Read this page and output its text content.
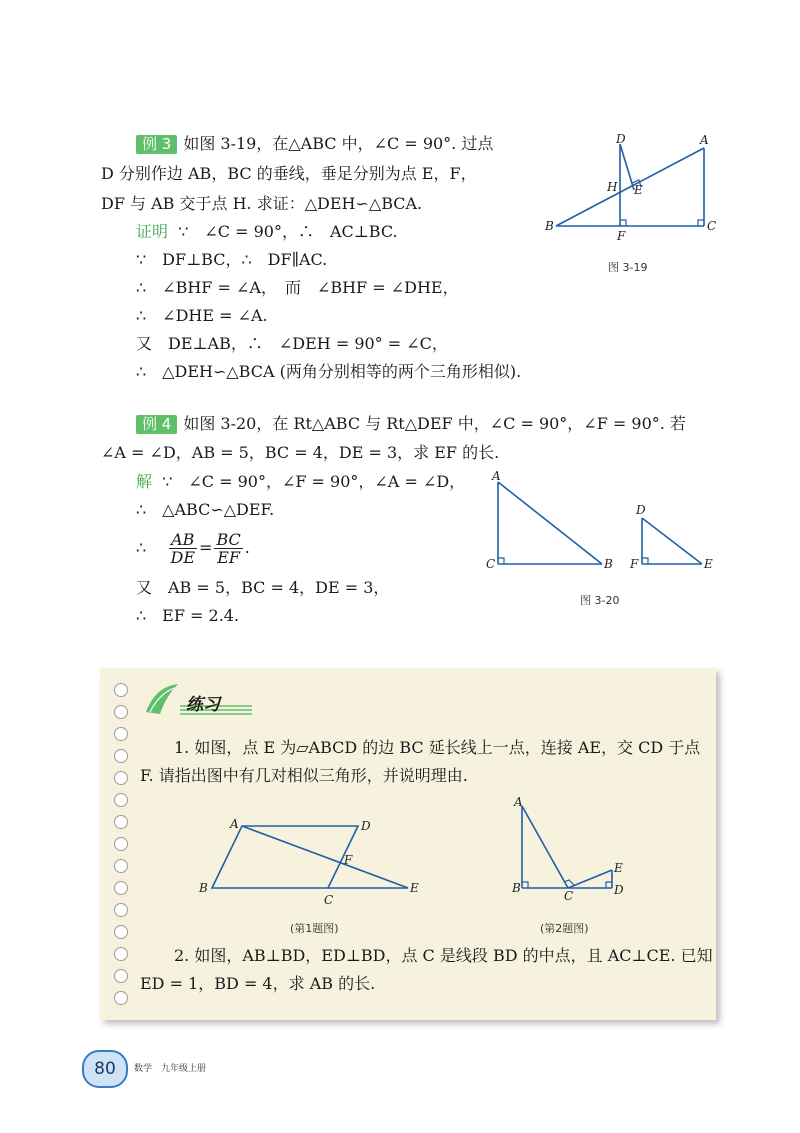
例 3 如图 3-19，在△ABC 中，∠C = 90°. 过点
D 分别作边 AB，BC 的垂线，垂足分别为点 E，F，
DF 与 AB 交于点 H. 求证：△DEH∽△BCA.
证明 ∵　∠C = 90°，∴　AC⊥BC.
∵　DF⊥BC，∴　DF∥AC.
∴　∠BHF = ∠A，　而　∠BHF = ∠DHE，
∴　∠DHE = ∠A.
又　DE⊥AB，∴　∠DEH = 90° = ∠C，
∴　△DEH∽△BCA (两角分别相等的两个三角形相似).
D	A
H E
B
F
C
图 3-19
例 4 如图 3-20，在 Rt△ABC 与 Rt△DEF 中，∠C = 90°，∠F = 90°. 若
∠A = ∠D，AB = 5，BC = 4，DE = 3，求 EF 的长.
解 ∵　∠C = 90°，∠F = 90°，∠A = ∠D，
∴　△ABC∽△DEF.
∴ $\frac{AB}{DE} = \frac{BC}{EF}$ .
又　AB = 5，BC = 4，DE = 3，
∴　EF = 2.4.
A
C	B
D
F	E
图 3-20
练习
1. 如图，点 E 为▱ABCD 的边 BC 延长线上一点，连接 AE，交 CD 于点
F. 请指出图中有几对相似三角形，并说明理由.
A	D
F
B
C
E
(第1题图)
A
E
B
C	D
(第2题图)
2. 如图，AB⊥BD，ED⊥BD，点 C 是线段 BD 的中点，且 AC⊥CE. 已知
ED = 1，BD = 4，求 AB 的长.
80	数学　九年级上册
